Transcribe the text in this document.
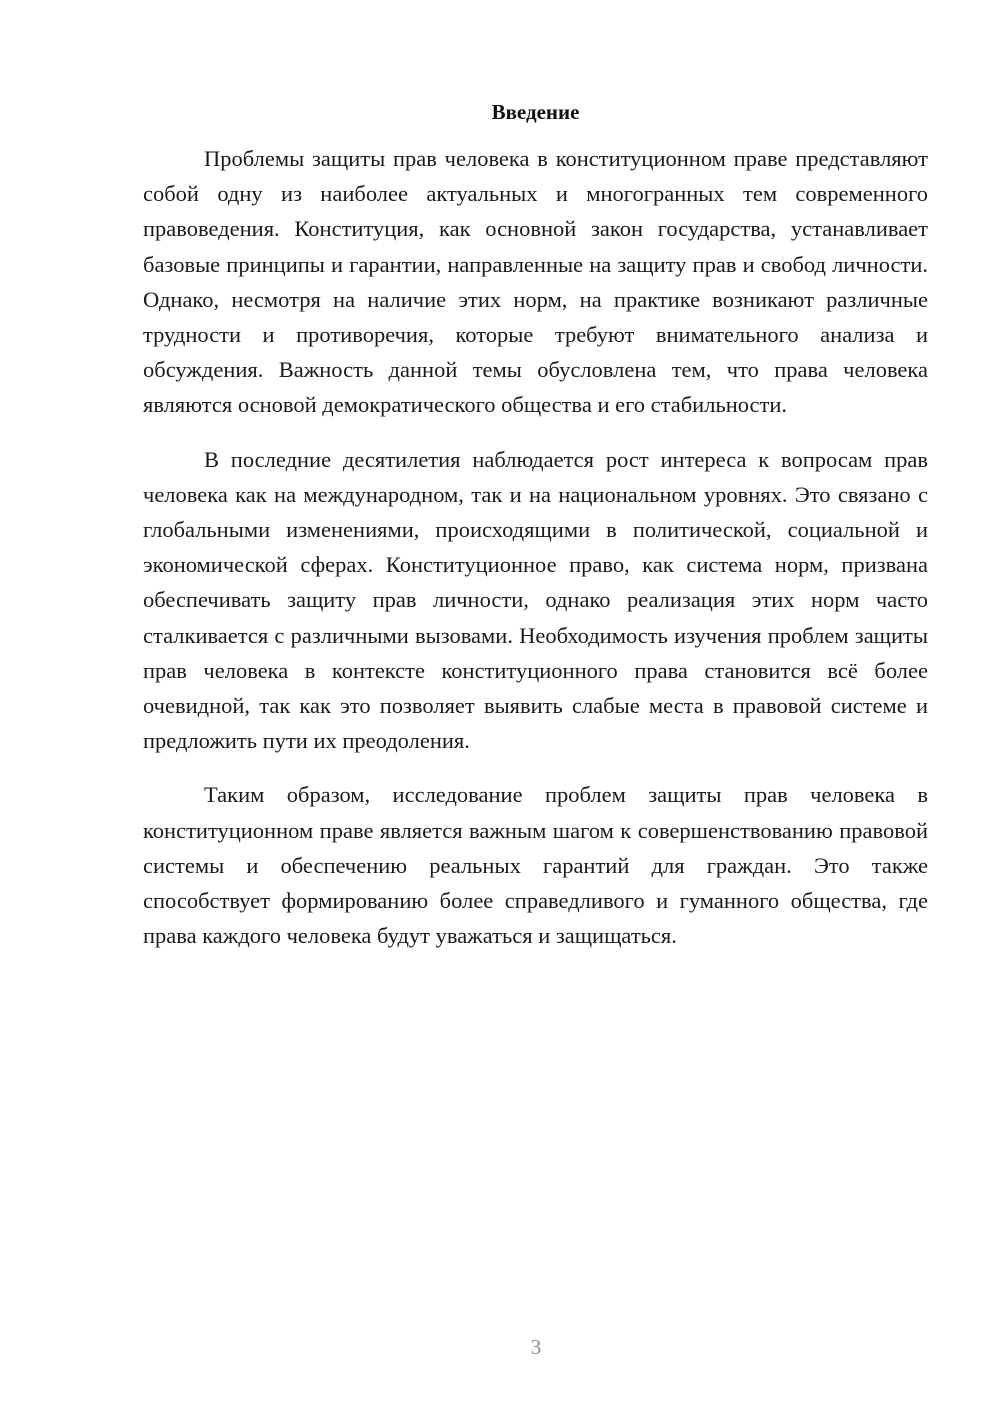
Введение

Проблемы защиты прав человека в конституционном праве представляют собой одну из наиболее актуальных и многогранных тем современного правоведения. Конституция, как основной закон государства, устанавливает базовые принципы и гарантии, направленные на защиту прав и свобод личности. Однако, несмотря на наличие этих норм, на практике возникают различные трудности и противоречия, которые требуют внимательного анализа и обсуждения. Важность данной темы обусловлена тем, что права человека являются основой демократического общества и его стабильности.

В последние десятилетия наблюдается рост интереса к вопросам прав человека как на международном, так и на национальном уровнях. Это связано с глобальными изменениями, происходящими в политической, социальной и экономической сферах. Конституционное право, как система норм, призвана обеспечивать защиту прав личности, однако реализация этих норм часто сталкивается с различными вызовами. Необходимость изучения проблем защиты прав человека в контексте конституционного права становится всё более очевидной, так как это позволяет выявить слабые места в правовой системе и предложить пути их преодоления.

Таким образом, исследование проблем защиты прав человека в конституционном праве является важным шагом к совершенствованию правовой системы и обеспечению реальных гарантий для граждан. Это также способствует формированию более справедливого и гуманного общества, где права каждого человека будут уважаться и защищаться.

3
